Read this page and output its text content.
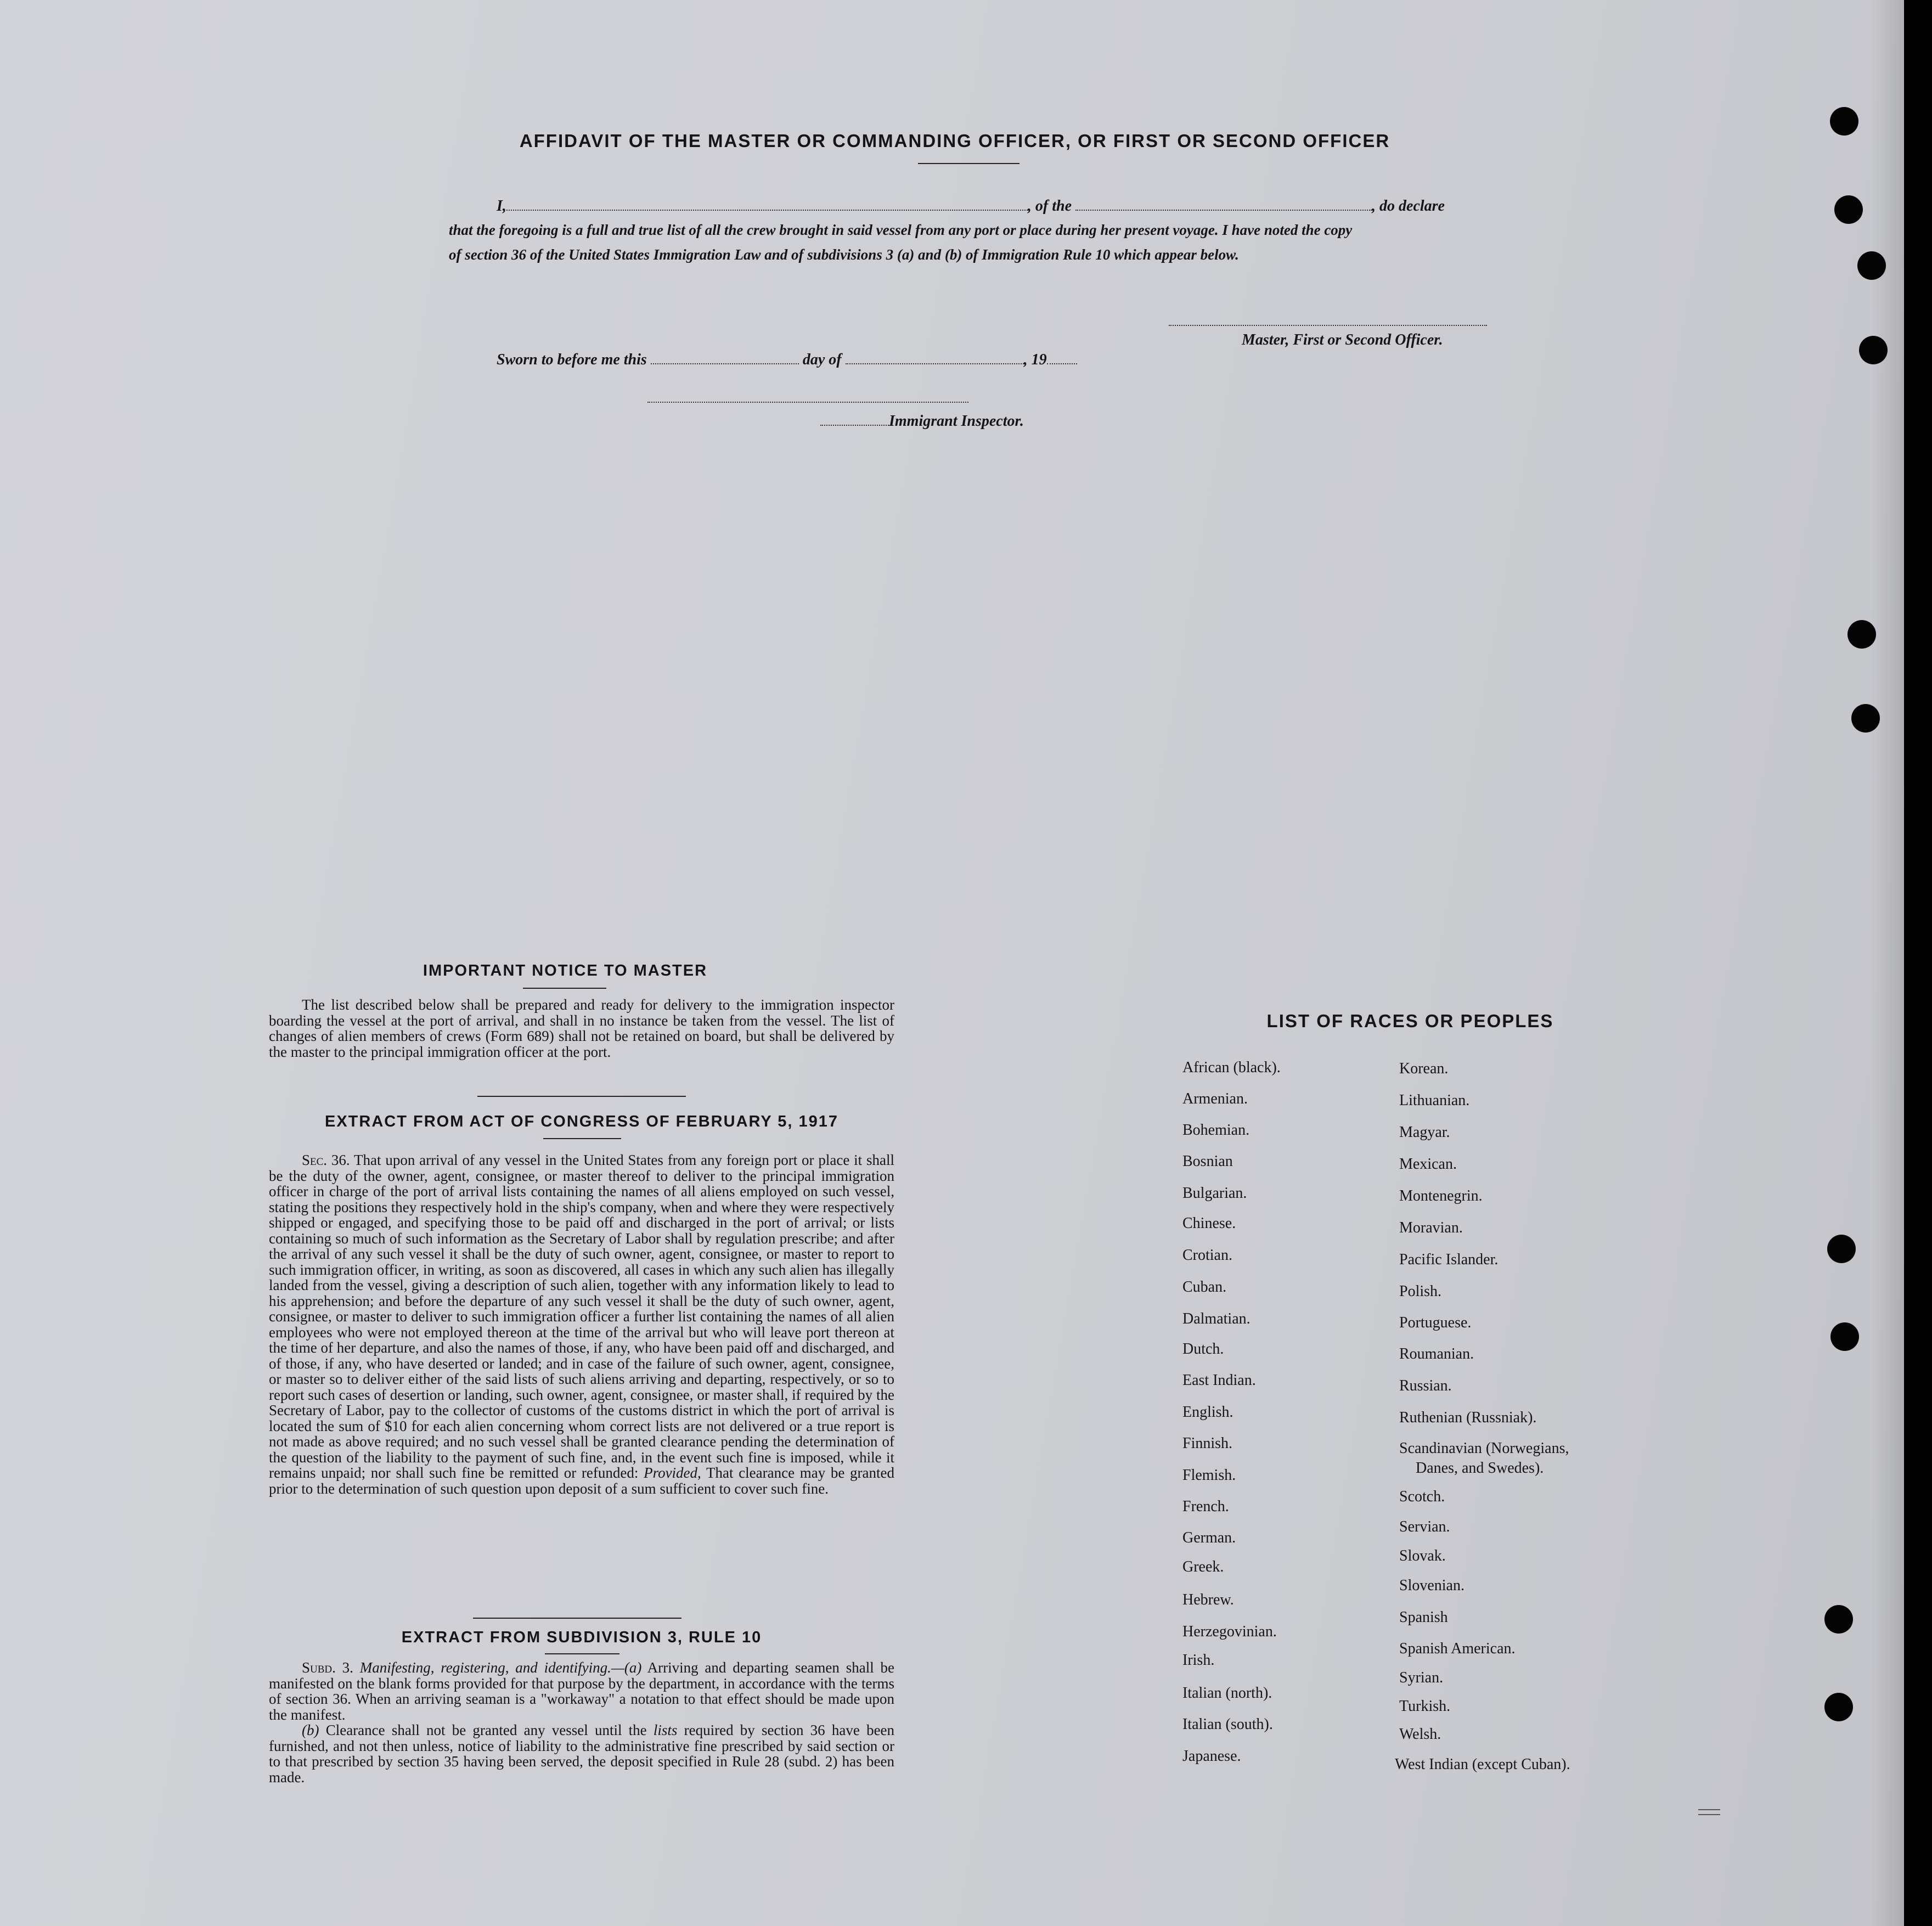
AFFIDAVIT OF THE MASTER OR COMMANDING OFFICER, OR FIRST OR SECOND OFFICER
I,	, of the	, do declare
that the foregoing is a full and true list of all the crew brought in said vessel from any port or place during her present voyage. I have noted the copy
of section 36 of the United States Immigration Law and of subdivisions 3 (a) and (b) of Immigration Rule 10 which appear below.
Master, First or Second Officer.
Sworn to before me this	day of	, 19
Immigrant Inspector.
IMPORTANT NOTICE TO MASTER

The list described below shall be prepared and ready for delivery to the immigration inspector boarding the vessel at the port of arrival, and shall in no instance be taken from the vessel. The list of changes of alien members of crews (Form 689) shall not be retained on board, but shall be delivered by the master to the principal immigration officer at the port.

EXTRACT FROM ACT OF CONGRESS OF FEBRUARY 5, 1917

Sec. 36. That upon arrival of any vessel in the United States from any foreign port or place it shall be the duty of the owner, agent, consignee, or master thereof to deliver to the principal immigration officer in charge of the port of arrival lists containing the names of all aliens employed on such vessel, stating the positions they respectively hold in the ship's company, when and where they were respectively shipped or engaged, and specifying those to be paid off and discharged in the port of arrival; or lists containing so much of such information as the Secretary of Labor shall by regulation prescribe; and after the arrival of any such vessel it shall be the duty of such owner, agent, consignee, or master to report to such immigration officer, in writing, as soon as discovered, all cases in which any such alien has illegally landed from the vessel, giving a description of such alien, together with any information likely to lead to his apprehension; and before the departure of any such vessel it shall be the duty of such owner, agent, consignee, or master to deliver to such immigration officer a further list containing the names of all alien employees who were not employed thereon at the time of the arrival but who will leave port thereon at the time of her departure, and also the names of those, if any, who have been paid off and discharged, and of those, if any, who have deserted or landed; and in case of the failure of such owner, agent, consignee, or master so to deliver either of the said lists of such aliens arriving and departing, respectively, or so to report such cases of desertion or landing, such owner, agent, consignee, or master shall, if required by the Secretary of Labor, pay to the collector of customs of the customs district in which the port of arrival is located the sum of $10 for each alien concerning whom correct lists are not delivered or a true report is not made as above required; and no such vessel shall be granted clearance pending the determination of the question of the liability to the payment of such fine, and, in the event such fine is imposed, while it remains unpaid; nor shall such fine be remitted or refunded: Provided, That clearance may be granted prior to the determination of such question upon deposit of a sum sufficient to cover such fine.

EXTRACT FROM SUBDIVISION 3, RULE 10

Subd. 3. Manifesting, registering, and identifying.—(a) Arriving and departing seamen shall be manifested on the blank forms provided for that purpose by the department, in accordance with the terms of section 36. When an arriving seaman is a "workaway" a notation to that effect should be made upon the manifest.

(b) Clearance shall not be granted any vessel until the lists required by section 36 have been furnished, and not then unless, notice of liability to the administrative fine prescribed by said section or to that prescribed by section 35 having been served, the deposit specified in Rule 28 (subd. 2) has been made.

LIST OF RACES OR PEOPLES
African (black).
Armenian.
Bohemian.
Bosnian
Bulgarian.
Chinese.
Crotian.
Cuban.
Dalmatian.
Dutch.
East Indian.
English.
Finnish.
Flemish.
French.
German.
Greek.
Hebrew.
Herzegovinian.
Irish.
Italian (north).
Italian (south).
Japanese.
Korean.
Lithuanian.
Magyar.
Mexican.
Montenegrin.
Moravian.
Pacific Islander.
Polish.
Portuguese.
Roumanian.
Russian.
Ruthenian (Russniak).
Scandinavian (Norwegians,
Danes, and Swedes).
Scotch.
Servian.
Slovak.
Slovenian.
Spanish
Spanish American.
Syrian.
Turkish.
Welsh.
West Indian (except Cuban).
